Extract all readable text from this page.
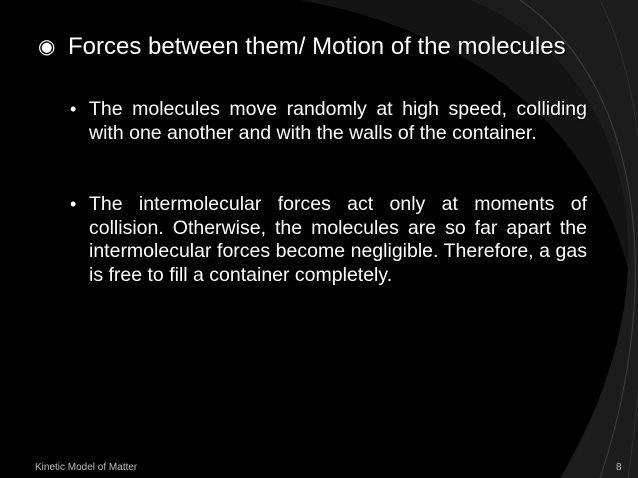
◉ Forces between them/ Motion of the molecules
• The molecules move randomly at high speed, colliding with one another and with the walls of the container.
• The intermolecular forces act only at moments of collision. Otherwise, the molecules are so far apart the intermolecular forces become negligible. Therefore, a gas is free to fill a container completely.
Kinetic Model of Matter	8
